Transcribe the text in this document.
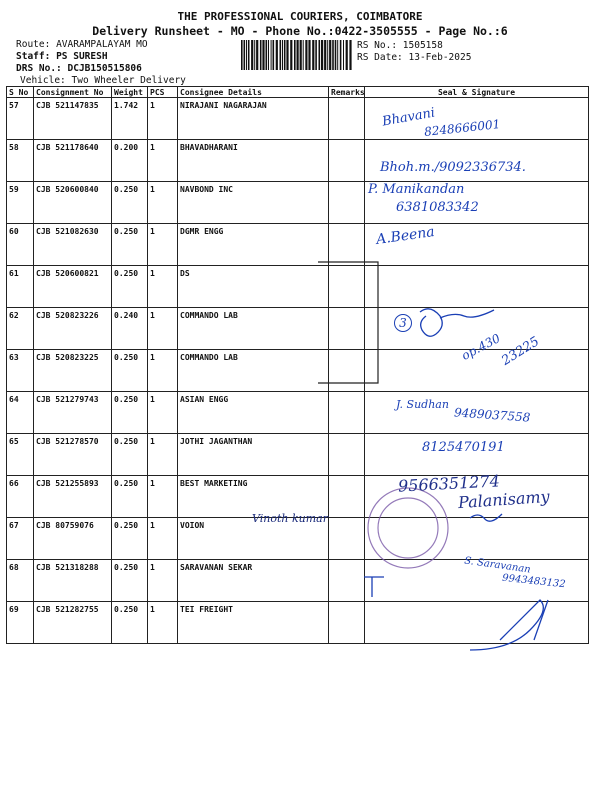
THE PROFESSIONAL COURIERS, COIMBATORE
Delivery Runsheet - MO - Phone No.:0422-3505555 - Page No.:6
Route: AVARAMPALAYAM MO
Staff: PS SURESH
DRS No.: DCJB150515806
Vehicle: Two Wheeler Delivery
RS No.: 1505158
RS Date: 13-Feb-2025
S No	Consignment No	Weight	PCS	Consignee Details	Remarks	Seal & Signature
57	CJB 521147835	1.742	1	NIRAJANI NAGARAJAN		
58	CJB 521178640	0.200	1	BHAVADHARANI		
59	CJB 520600840	0.250	1	NAVBOND INC		
60	CJB 521082630	0.250	1	DGMR ENGG		
61	CJB 520600821	0.250	1	DS		
62	CJB 520823226	0.240	1	COMMANDO LAB		
63	CJB 520823225	0.250	1	COMMANDO LAB		
64	CJB 521279743	0.250	1	ASIAN ENGG		
65	CJB 521278570	0.250	1	JOTHI JAGANTHAN		
66	CJB 521255893	0.250	1	BEST MARKETING		
67	CJB 80759076	0.250	1	VOION		
68	CJB 521318288	0.250	1	SARAVANAN SEKAR		
69	CJB 521282755	0.250	1	TEI FREIGHT		
Bhavani
8248666001
Bhoh.m./9092336734.
P. Manikandan
6381083342
A.Beena
3
op.430
23225
J. Sudhan
9489037558
8125470191
9566351274
Palanisamy
Vinoth kumar
S. Saravanan
9943483132
